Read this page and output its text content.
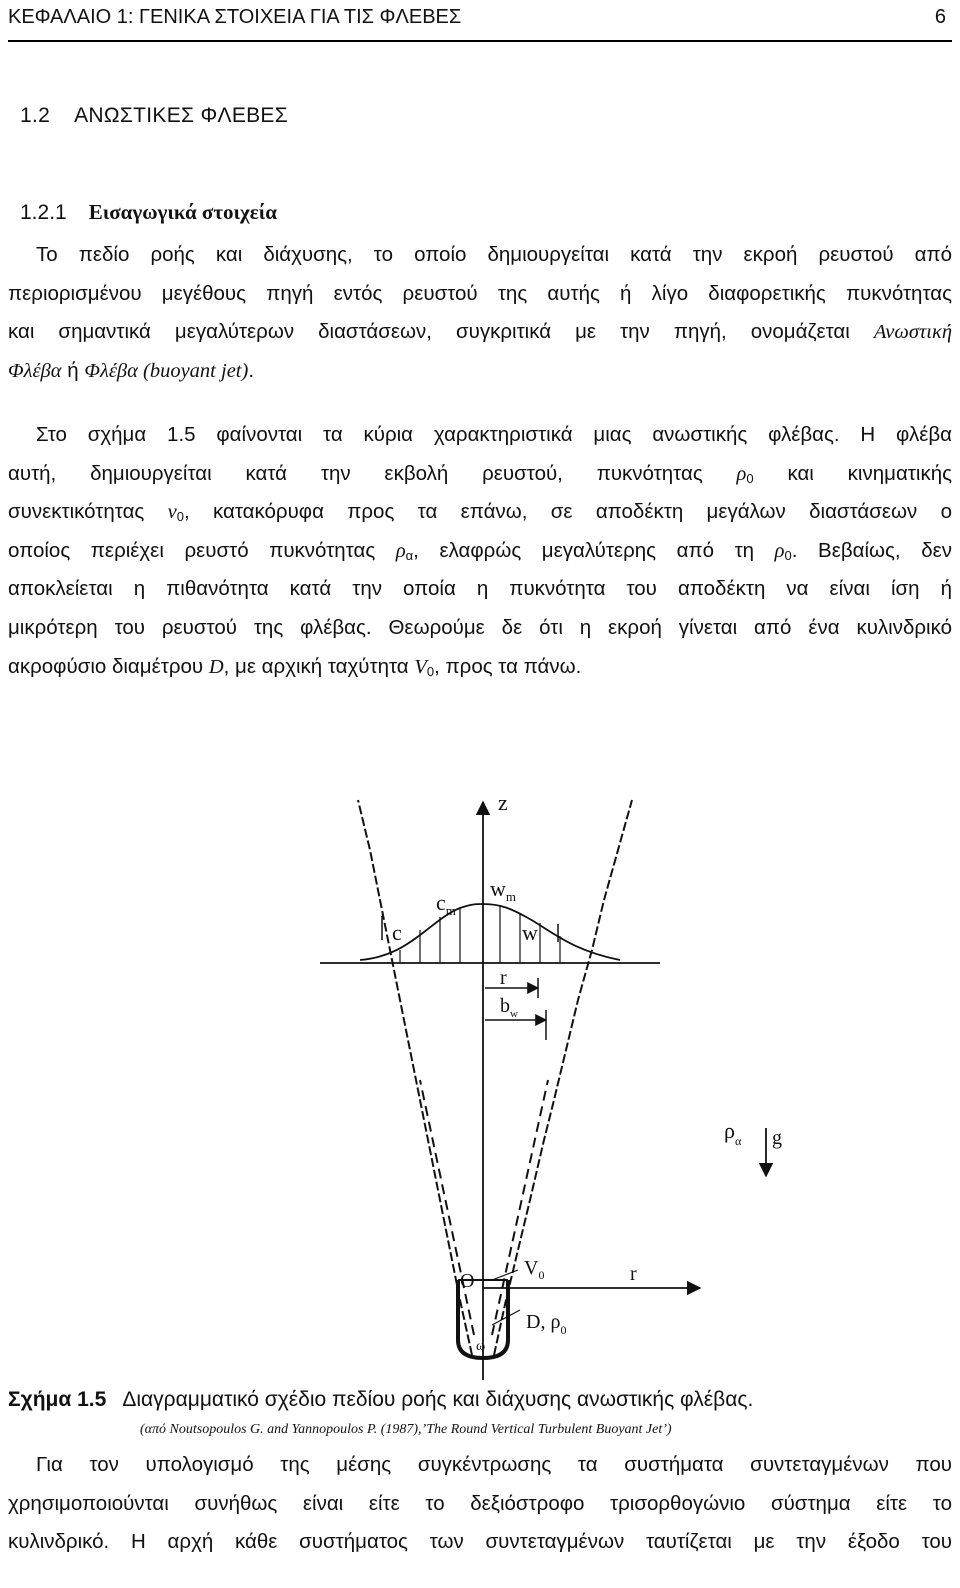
ΚΕΦΑΛΑΙΟ 1: ΓΕΝΙΚΑ ΣΤΟΙΧΕΙΑ ΓΙΑ ΤΙΣ ΦΛΕΒΕΣ	6
1.2 ΑΝΩΣΤΙΚΕΣ ΦΛΕΒΕΣ
1.2.1 Εισαγωγικά στοιχεία
Το πεδίο ροής και διάχυσης, το οποίο δημιουργείται κατά την εκροή ρευστού από
περιορισμένου μεγέθους πηγή εντός ρευστού της αυτής ή λίγο διαφορετικής πυκνότητας
και σημαντικά μεγαλύτερων διαστάσεων, συγκριτικά με την πηγή, ονομάζεται Ανωστική
Φλέβα ή Φλέβα (buoyant jet).
Στο σχήμα 1.5 φαίνονται τα κύρια χαρακτηριστικά μιας ανωστικής φλέβας. Η φλέβα
αυτή, δημιουργείται κατά την εκβολή ρευστού, πυκνότητας $\rho_0$ και κινηματικής
συνεκτικότητας $\nu_0$, κατακόρυφα προς τα επάνω, σε αποδέκτη μεγάλων διαστάσεων ο
οποίος περιέχει ρευστό πυκνότητας $\rho_\alpha$, ελαφρώς μεγαλύτερης από τη $\rho_0$. Βεβαίως, δεν
αποκλείεται η πιθανότητα κατά την οποία η πυκνότητα του αποδέκτη να είναι ίση ή
μικρότερη του ρευστού της φλέβας. Θεωρούμε δε ότι η εκροή γίνεται από ένα κυλινδρικό
ακροφύσιο διαμέτρου D, με αρχική ταχύτητα $V_0$, προς τα πάνω.
z
$c_m$
$w_m$
c	w
r
$b_w$
$\rho_\alpha$ g
O
$V_0$	r
D, $\rho_0$
ω
Σχήμα 1.5 Διαγραμματικό σχέδιο πεδίου ροής και διάχυσης ανωστικής φλέβας.
(από Noutsopoulos G. and Yannopoulos P. (1987),’The Round Vertical Turbulent Buoyant Jet’)
Για τον υπολογισμό της μέσης συγκέντρωσης τα συστήματα συντεταγμένων που
χρησιμοποιούνται συνήθως είναι είτε το δεξιόστροφο τρισορθογώνιο σύστημα είτε το
κυλινδρικό. Η αρχή κάθε συστήματος των συντεταγμένων ταυτίζεται με την έξοδο του
